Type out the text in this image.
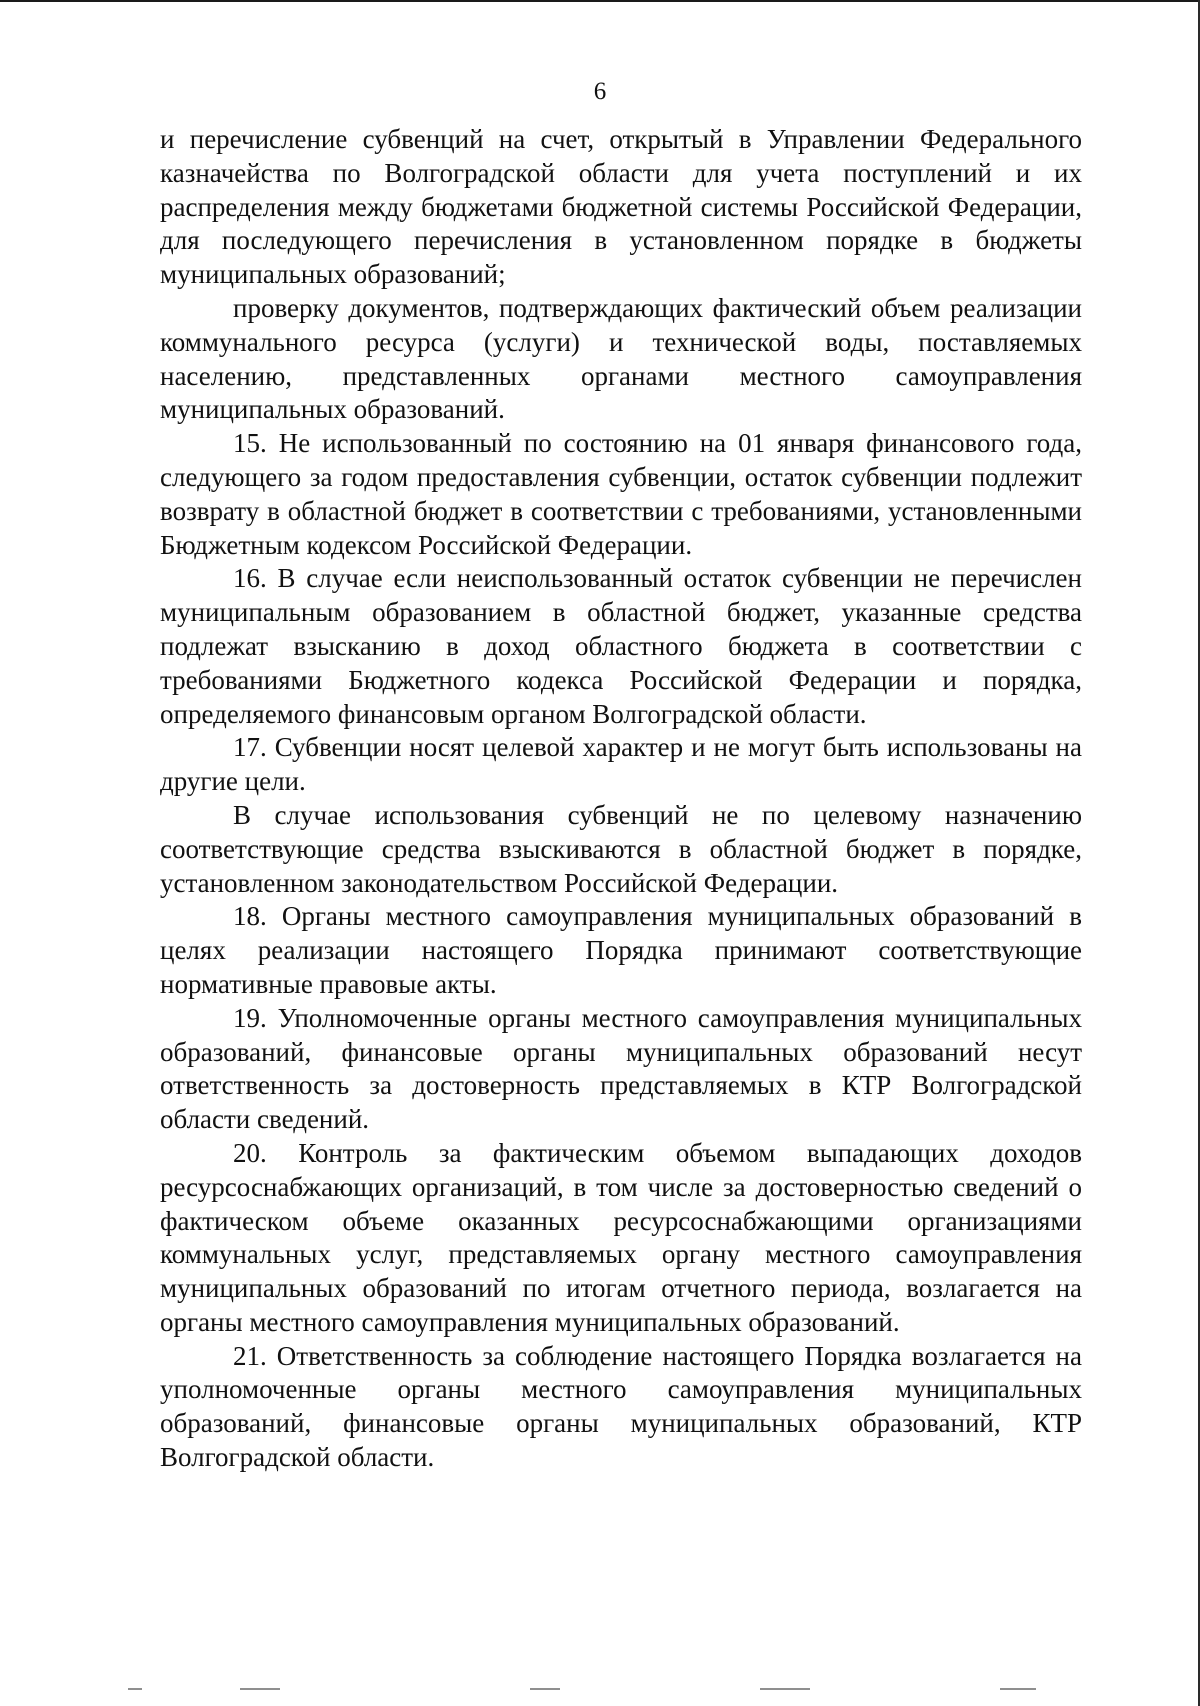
6

и перечисление субвенций на счет, открытый в Управлении Федерального казначейства по Волгоградской области для учета поступлений и их распределения между бюджетами бюджетной системы Российской Федерации, для последующего перечисления в установленном порядке в бюджеты муниципальных образований;

проверку документов, подтверждающих фактический объем реализации коммунального ресурса (услуги) и технической воды, поставляемых населению, представленных органами местного самоуправления муниципальных образований.

15. Не использованный по состоянию на 01 января финансового года, следующего за годом предоставления субвенции, остаток субвенции подлежит возврату в областной бюджет в соответствии с требованиями, установленными Бюджетным кодексом Российской Федерации.

16. В случае если неиспользованный остаток субвенции не перечислен муниципальным образованием в областной бюджет, указанные средства подлежат взысканию в доход областного бюджета в соответствии с требованиями Бюджетного кодекса Российской Федерации и порядка, определяемого финансовым органом Волгоградской области.

17. Субвенции носят целевой характер и не могут быть использованы на другие цели.

В случае использования субвенций не по целевому назначению соответствующие средства взыскиваются в областной бюджет в порядке, установленном законодательством Российской Федерации.

18. Органы местного самоуправления муниципальных образований в целях реализации настоящего Порядка принимают соответствующие нормативные правовые акты.

19. Уполномоченные органы местного самоуправления муниципальных образований, финансовые органы муниципальных образований несут ответственность за достоверность представляемых в КТР Волгоградской области сведений.

20. Контроль за фактическим объемом выпадающих доходов ресурсоснабжающих организаций, в том числе за достоверностью сведений о фактическом объеме оказанных ресурсоснабжающими организациями коммунальных услуг, представляемых органу местного самоуправления муниципальных образований по итогам отчетного периода, возлагается на органы местного самоуправления муниципальных образований.

21. Ответственность за соблюдение настоящего Порядка возлагается на уполномоченные органы местного самоуправления муниципальных образований, финансовые органы муниципальных образований, КТР Волгоградской области.
